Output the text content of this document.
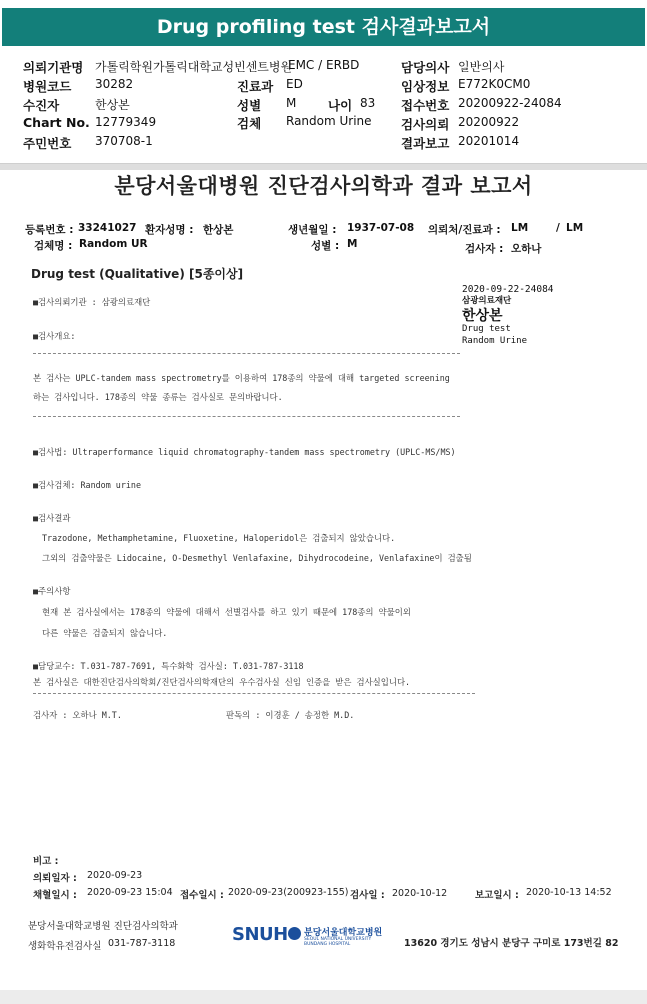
Drug profiling test 검사결과보고서
의뢰기관명 가톨릭학원가톨릭대학교성빈센트병원
EMC / ERBD	담당의사 일반의사
병원코드 30282	진료과 ED	임상정보 E772K0CM0
수진자	한상본	성별 M	나이 83 접수번호 20200922-24084
Chart No. 12779349	검체 Random Urine 검사의뢰 20200922
주민번호 370708-1	결과보고 20201014
분당서울대병원 진단검사의학과 결과 보고서
등록번호 : 33241027 환자성명 : 한상본	생년월일 : 1937-07-08 의뢰처/진료과 : LM	/ LM
검체명 : Random UR	성별 : M	검사자 : 오하나
Drug test (Qualitative) [5종이상]
2020-09-22-24084
삼광의료재단
한상본
Drug test
Random Urine
■검사의뢰기관 : 삼광의료재단
■검사개요:
본 검사는 UPLC-tandem mass spectrometry를 이용하여 178종의 약물에 대해 targeted screening
하는 검사입니다. 178종의 약물 종류는 검사실로 문의바랍니다.
■검사법: Ultraperformance liquid chromatography-tandem mass spectrometry (UPLC-MS/MS)
■검사검체: Random urine
■검사결과
Trazodone, Methamphetamine, Fluoxetine, Haloperidol은 검출되지 않았습니다.
그외의 검출약물은 Lidocaine, O-Desmethyl Venlafaxine, Dihydrocodeine, Venlafaxine이 검출됨
■주의사항
현재 본 검사실에서는 178종의 약물에 대해서 선별검사를 하고 있기 때문에 178종의 약물이외
다른 약물은 검출되지 않습니다.
■담당교수: T.031-787-7691, 특수화학 검사실: T.031-787-3118
본 검사실은 대한진단검사의학회/진단검사의학재단의 우수검사실 신임 인증을 받은 검사실입니다.
검사자 : 오하나 M.T.	판독의 : 이경훈 / 송정한 M.D.
비고 :
의뢰일자 : 2020-09-23
채혈일시 : 2020-09-23 15:04 접수일시 : 2020-09-23(200923-155) 검사일 : 2020-10-12	보고일시 : 2020-10-13 14:52
분당서울대학교병원 진단검사의학과
생화학유전검사실 031-787-3118	SNUH 분당서울대학교병원
SEOUL NATIONAL UNIVERSITY BUNDANG HOSPITAL	13620 경기도 성남시 분당구 구미로 173번길 82
